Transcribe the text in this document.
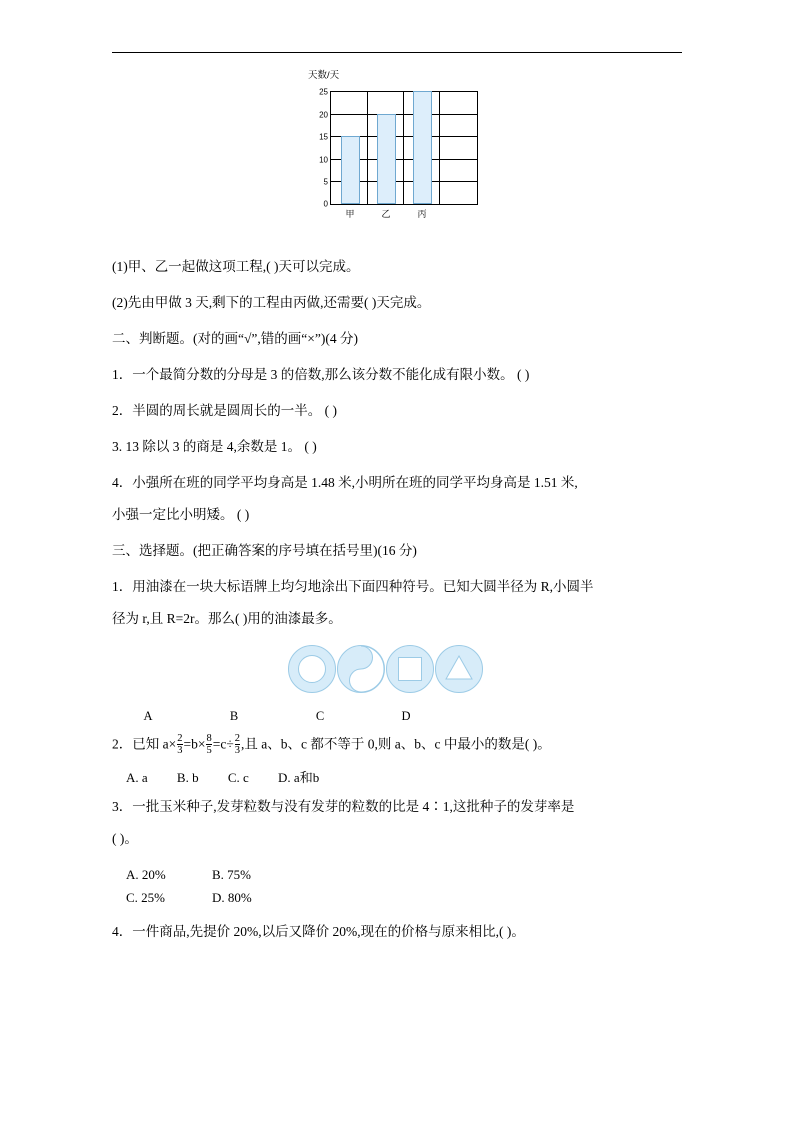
天数/天
25
20
15
10
5
0
甲	乙	丙

(1)甲、乙一起做这项工程,( )天可以完成。

(2)先由甲做 3 天,剩下的工程由丙做,还需要( )天完成。

二、判断题。(对的画“√”,错的画“×”)(4 分)

1．一个最简分数的分母是 3 的倍数,那么该分数不能化成有限小数。 ( )

2．半圆的周长就是圆周长的一半。 ( )

3. 13 除以 3 的商是 4,余数是 1。 ( )

4．小强所在班的同学平均身高是 1.48 米,小明所在班的同学平均身高是 1.51 米,

小强一定比小明矮。 ( )

三、选择题。(把正确答案的序号填在括号里)(16 分)

1．用油漆在一块大标语牌上均匀地涂出下面四种符号。已知大圆半径为 R,小圆半

径为 r,且 R=2r。那么( )用的油漆最多。

A	B	C	D

2．已知 $a\times \frac{2}{3} =b\times \frac{8}{5} =c\div \frac{2}{3}$ ,且 a、b、c 都不等于 0,则 a、b、c 中最小的数是( )。

A. a B. b C. c D. a和b

3．一批玉米种子,发芽粒数与没有发芽的粒数的比是 4∶1,这批种子的发芽率是

( )。

A. 20%	B. 75%

C. 25%	D. 80%

4．一件商品,先提价 20%,以后又降价 20%,现在的价格与原来相比,( )。
